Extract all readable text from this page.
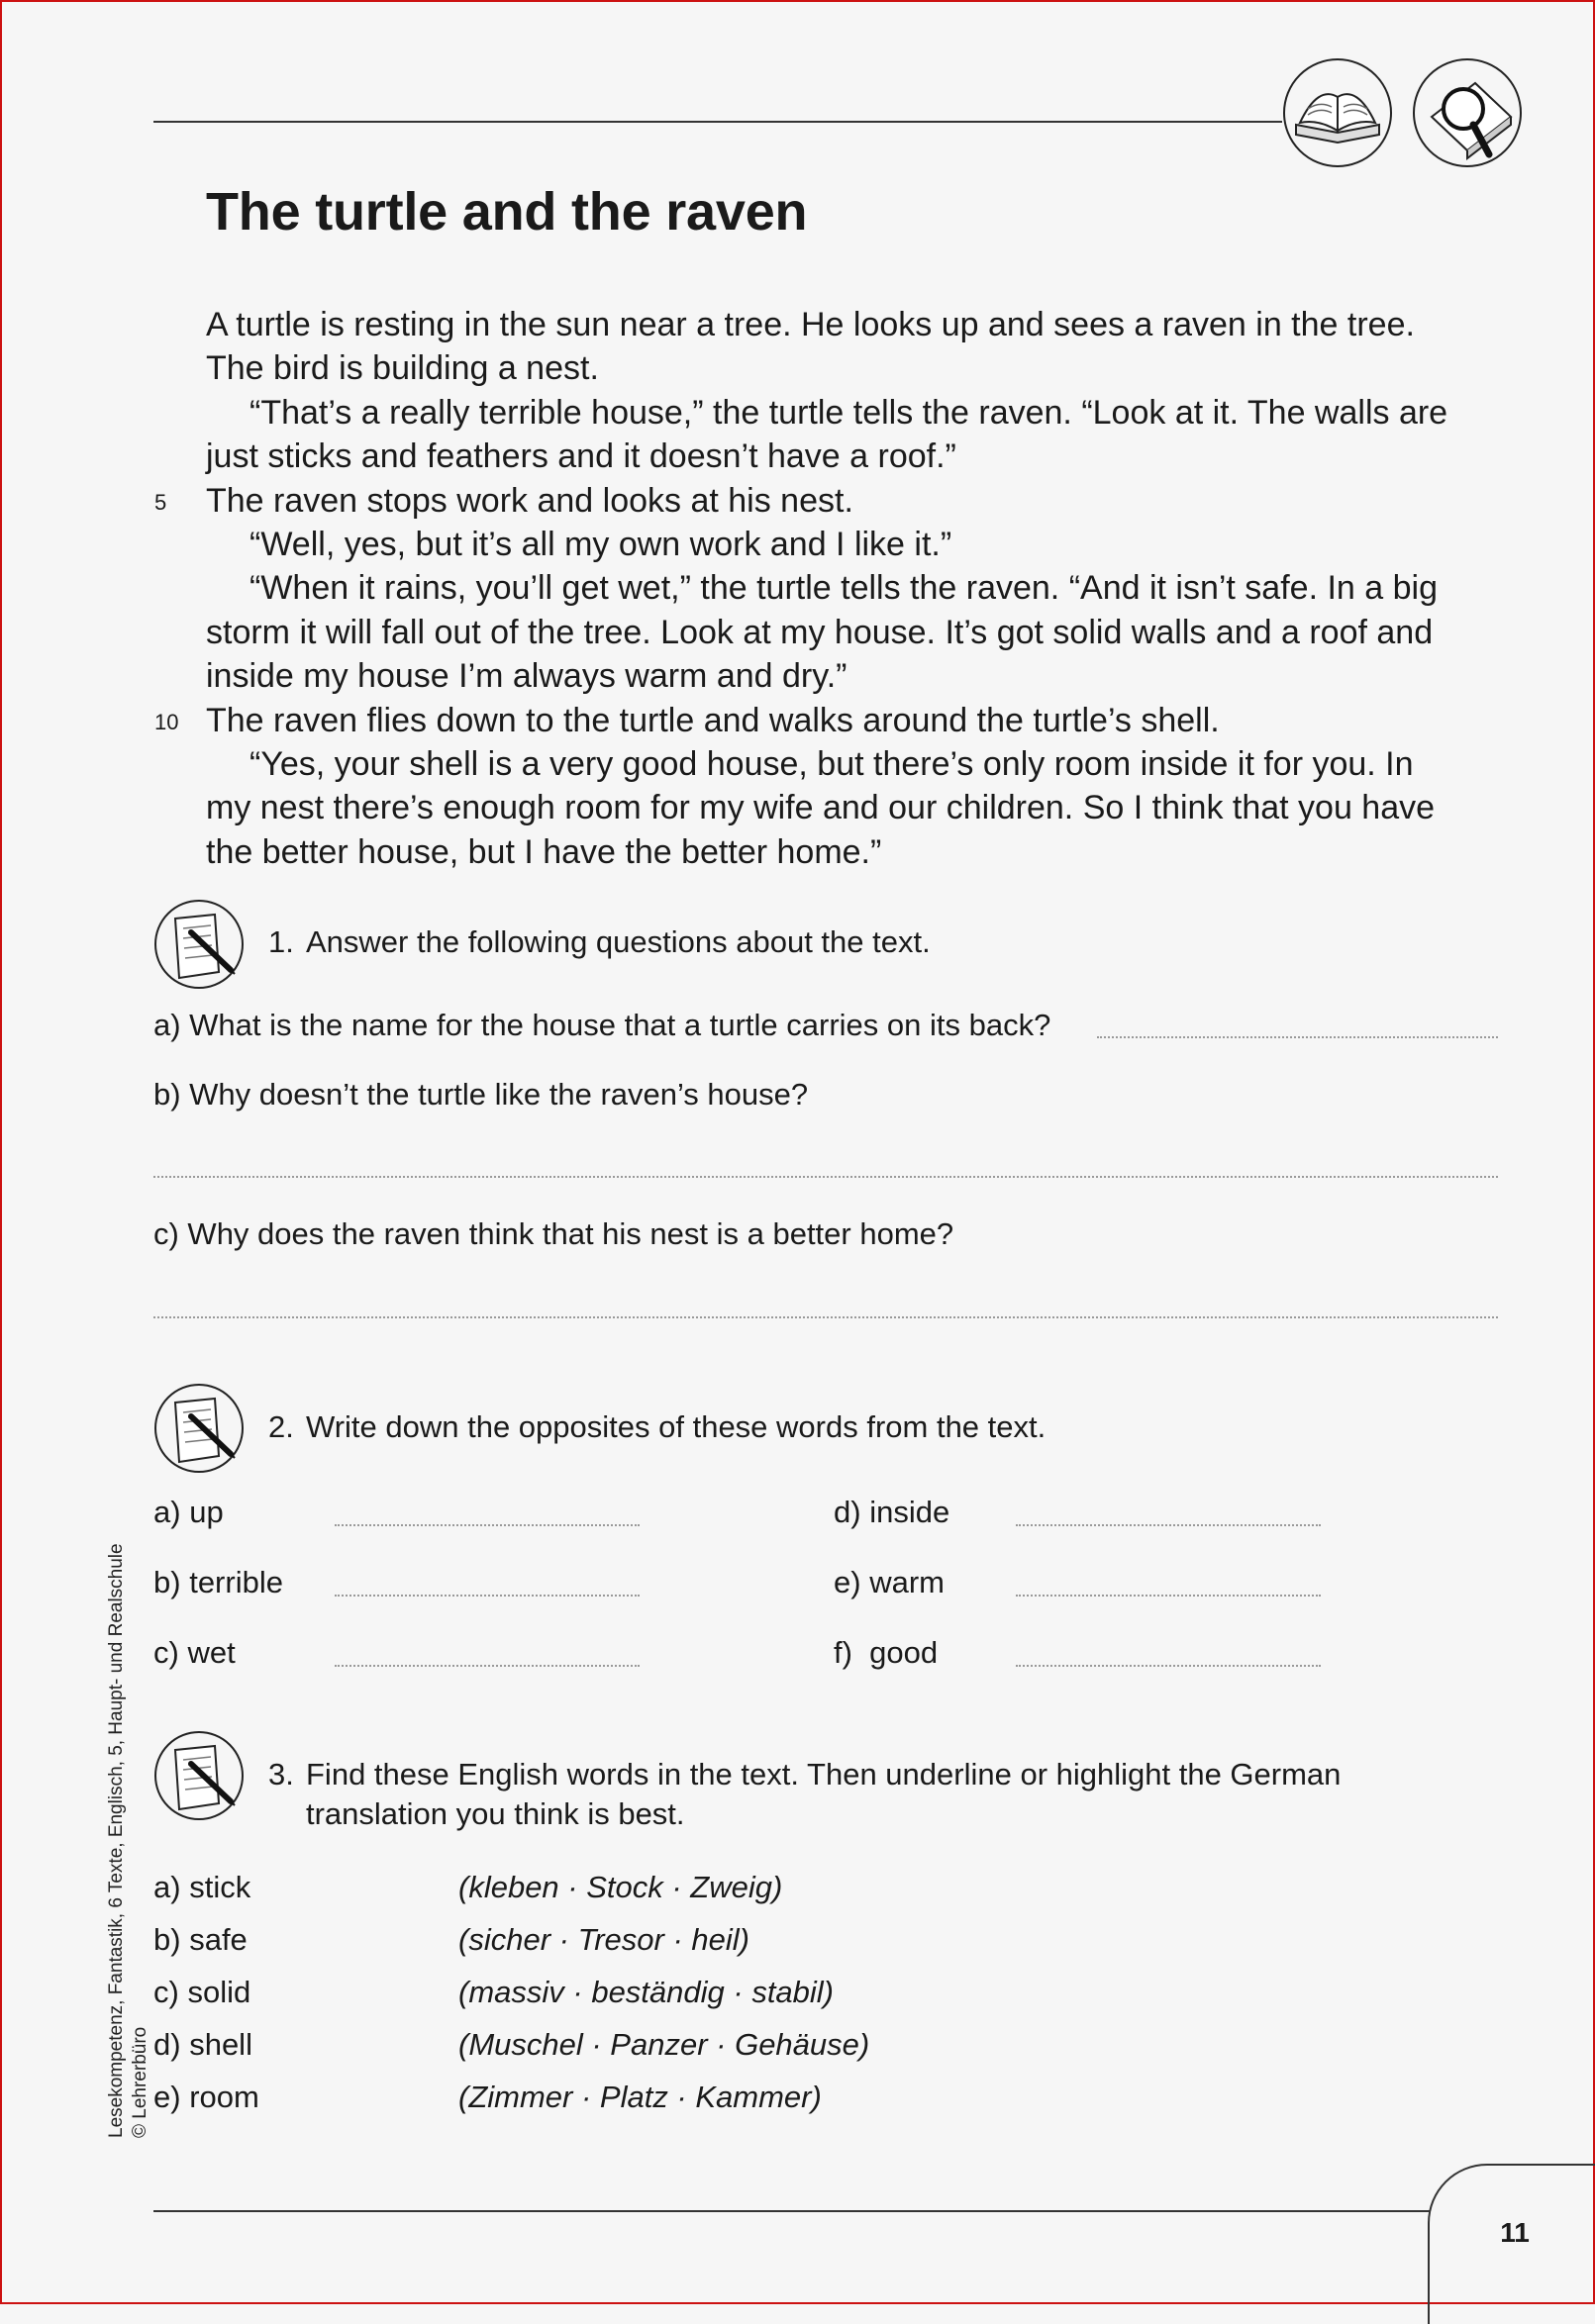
The turtle and the raven
A turtle is resting in the sun near a tree. He looks up and sees a raven in the tree.
The bird is building a nest.
“That’s a really terrible house,” the turtle tells the raven. “Look at it. The walls are
just sticks and feathers and it doesn’t have a roof.”
5 The raven stops work and looks at his nest.
“Well, yes, but it’s all my own work and I like it.”
“When it rains, you’ll get wet,” the turtle tells the raven. “And it isn’t safe. In a big
storm it will fall out of the tree. Look at my house. It’s got solid walls and a roof and
inside my house I’m always warm and dry.”
10 The raven flies down to the turtle and walks around the turtle’s shell.
“Yes, your shell is a very good house, but there’s only room inside it for you. In
my nest there’s enough room for my wife and our children. So I think that you have
the better house, but I have the better home.”
1. Answer the following questions about the text.
a) What is the name for the house that a turtle carries on its back?
b) Why doesn’t the turtle like the raven’s house?
c) Why does the raven think that his nest is a better home?
2. Write down the opposites of these words from the text.
a) up
b) terrible
c) wet
d) inside
e) warm
f) good
3. Find these English words in the text. Then underline or highlight the German
translation you think is best.
a) stick	(kleben · Stock · Zweig)
b) safe	(sicher · Tresor · heil)
c) solid	(massiv · beständig · stabil)
d) shell	(Muschel · Panzer · Gehäuse)
e) room	(Zimmer · Platz · Kammer)
Lesekompetenz, Fantastik, 6 Texte, Englisch, 5, Haupt- und Realschule © Lehrerbüro
11
